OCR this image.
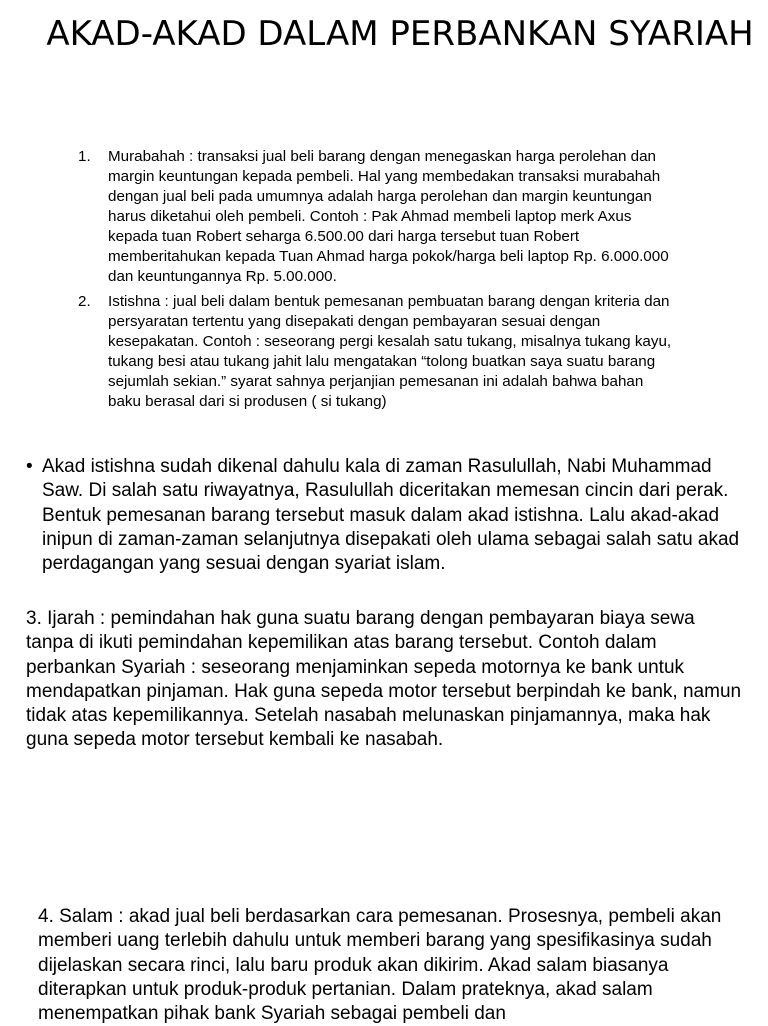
AKAD-AKAD DALAM PERBANKAN SYARIAH
1. Murabahah : transaksi jual beli barang dengan menegaskan harga perolehan dan margin keuntungan kepada pembeli. Hal yang membedakan transaksi murabahah dengan jual beli pada umumnya adalah harga perolehan dan margin keuntungan harus diketahui oleh pembeli. Contoh : Pak Ahmad membeli laptop merk Axus kepada tuan Robert seharga 6.500.00 dari harga tersebut tuan Robert memberitahukan kepada Tuan Ahmad harga pokok/harga beli laptop Rp. 6.000.000 dan keuntungannya Rp. 5.00.000.
2. Istishna : jual beli dalam bentuk pemesanan pembuatan barang dengan kriteria dan persyaratan tertentu yang disepakati dengan pembayaran sesuai dengan kesepakatan. Contoh : seseorang pergi kesalah satu tukang, misalnya tukang kayu, tukang besi atau tukang jahit lalu mengatakan “tolong buatkan saya suatu barang sejumlah sekian.” syarat sahnya perjanjian pemesanan ini adalah bahwa bahan baku berasal dari si produsen ( si tukang)
• Akad istishna sudah dikenal dahulu kala di zaman Rasulullah, Nabi Muhammad Saw. Di salah satu riwayatnya, Rasulullah diceritakan memesan cincin dari perak. Bentuk pemesanan barang tersebut masuk dalam akad istishna. Lalu akad-akad inipun di zaman-zaman selanjutnya disepakati oleh ulama sebagai salah satu akad perdagangan yang sesuai dengan syariat islam.

3. Ijarah : pemindahan hak guna suatu barang dengan pembayaran biaya sewa tanpa di ikuti pemindahan kepemilikan atas barang tersebut. Contoh dalam perbankan Syariah : seseorang menjaminkan sepeda motornya ke bank untuk mendapatkan pinjaman. Hak guna sepeda motor tersebut berpindah ke bank, namun tidak atas kepemilikannya. Setelah nasabah melunaskan pinjamannya, maka hak guna sepeda motor tersebut kembali ke nasabah.

4. Salam : akad jual beli berdasarkan cara pemesanan. Prosesnya, pembeli akan memberi uang terlebih dahulu untuk memberi barang yang spesifikasinya sudah dijelaskan secara rinci, lalu baru produk akan dikirim. Akad salam biasanya diterapkan untuk produk-produk pertanian. Dalam prateknya, akad salam menempatkan pihak bank Syariah sebagai pembeli dan
